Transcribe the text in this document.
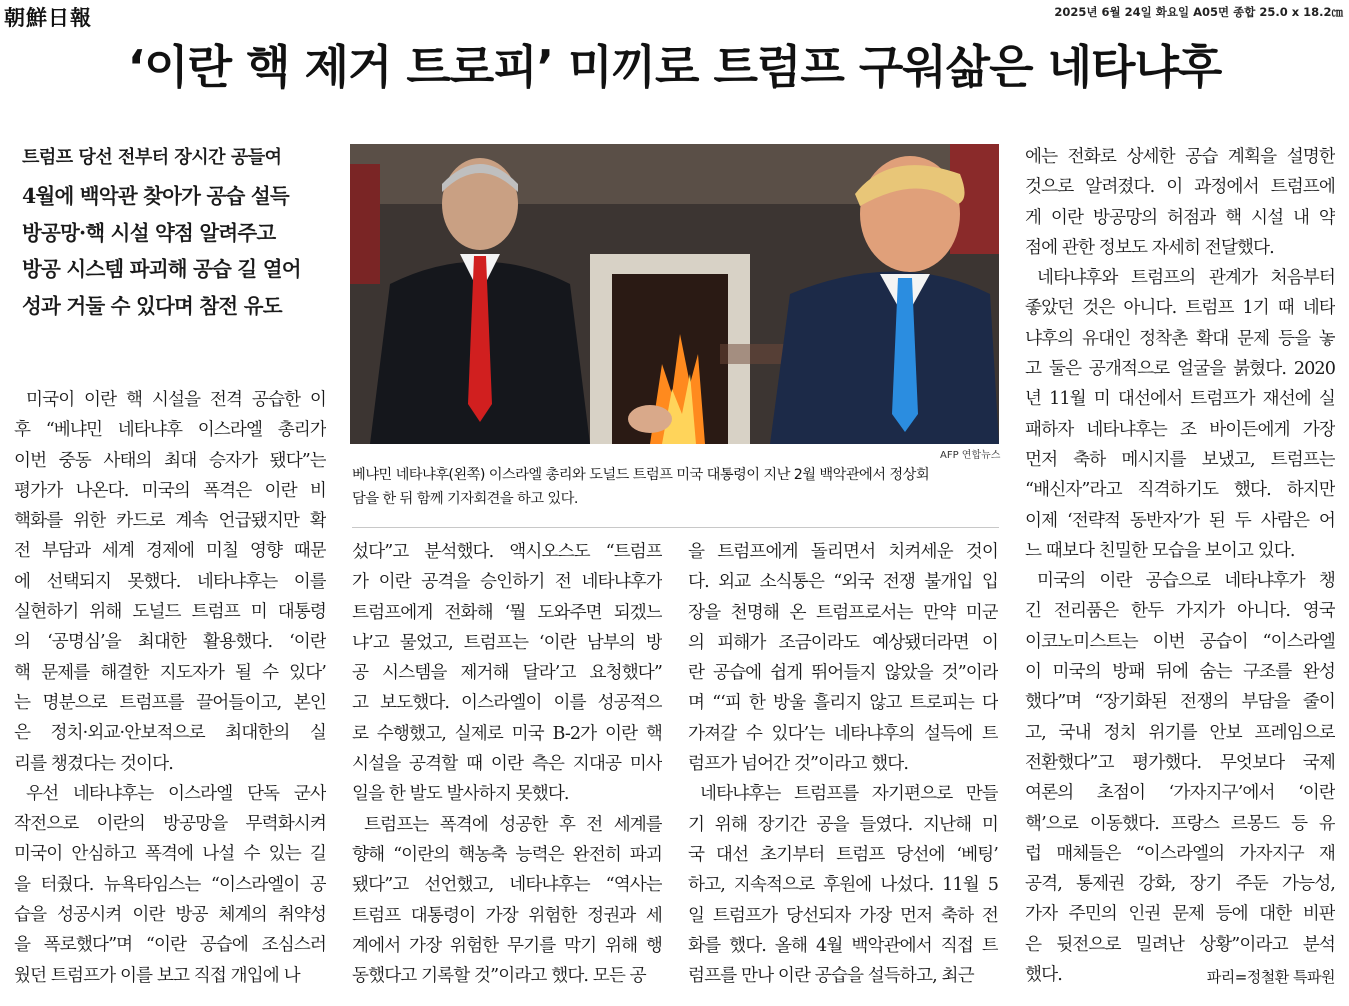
朝鮮日報	2025년 6월 24일 화요일 A05면 종합 25.0 x 18.2㎝
‘이란 핵 제거 트로피’ 미끼로 트럼프 구워삶은 네타냐후
트럼프 당선 전부터 장시간 공들여
4월에 백악관 찾아가 공습 설득
방공망·핵 시설 약점 알려주고
방공 시스템 파괴해 공습 길 열어
성과 거둘 수 있다며 참전 유도
AFP 연합뉴스
베냐민 네타냐후(왼쪽) 이스라엘 총리와 도널드 트럼프 미국 대통령이 지난 2월 백악관에서 정상회
담을 한 뒤 함께 기자회견을 하고 있다.
미국이 이란 핵 시설을 전격 공습한 이
후 “베냐민 네타냐후 이스라엘 총리가
이번 중동 사태의 최대 승자가 됐다”는
평가가 나온다. 미국의 폭격은 이란 비
핵화를 위한 카드로 계속 언급됐지만 확
전 부담과 세계 경제에 미칠 영향 때문
에 선택되지 못했다. 네타냐후는 이를
실현하기 위해 도널드 트럼프 미 대통령
의 ‘공명심’을 최대한 활용했다. ‘이란
핵 문제를 해결한 지도자가 될 수 있다’
는 명분으로 트럼프를 끌어들이고, 본인
은 정치·외교·안보적으로 최대한의 실
리를 챙겼다는 것이다.
우선 네타냐후는 이스라엘 단독 군사
작전으로 이란의 방공망을 무력화시켜
미국이 안심하고 폭격에 나설 수 있는 길
을 터줬다. 뉴욕타임스는 “이스라엘이 공
습을 성공시켜 이란 방공 체계의 취약성
을 폭로했다”며 “이란 공습에 조심스러
웠던 트럼프가 이를 보고 직접 개입에 나
섰다”고 분석했다. 액시오스도 “트럼프
가 이란 공격을 승인하기 전 네타냐후가
트럼프에게 전화해 ‘뭘 도와주면 되겠느
냐’고 물었고, 트럼프는 ‘이란 남부의 방
공 시스템을 제거해 달라’고 요청했다”
고 보도했다. 이스라엘이 이를 성공적으
로 수행했고, 실제로 미국 B-2가 이란 핵
시설을 공격할 때 이란 측은 지대공 미사
일을 한 발도 발사하지 못했다.
트럼프는 폭격에 성공한 후 전 세계를
향해 “이란의 핵농축 능력은 완전히 파괴
됐다”고 선언했고, 네타냐후는 “역사는
트럼프 대통령이 가장 위험한 정권과 세
계에서 가장 위험한 무기를 막기 위해 행
동했다고 기록할 것”이라고 했다. 모든 공
을 트럼프에게 돌리면서 치켜세운 것이
다. 외교 소식통은 “외국 전쟁 불개입 입
장을 천명해 온 트럼프로서는 만약 미군
의 피해가 조금이라도 예상됐더라면 이
란 공습에 쉽게 뛰어들지 않았을 것”이라
며 “‘피 한 방울 흘리지 않고 트로피는 다
가져갈 수 있다’는 네타냐후의 설득에 트
럼프가 넘어간 것”이라고 했다.
네타냐후는 트럼프를 자기편으로 만들
기 위해 장기간 공을 들였다. 지난해 미
국 대선 초기부터 트럼프 당선에 ‘베팅’
하고, 지속적으로 후원에 나섰다. 11월 5
일 트럼프가 당선되자 가장 먼저 축하 전
화를 했다. 올해 4월 백악관에서 직접 트
럼프를 만나 이란 공습을 설득하고, 최근
에는 전화로 상세한 공습 계획을 설명한
것으로 알려졌다. 이 과정에서 트럼프에
게 이란 방공망의 허점과 핵 시설 내 약
점에 관한 정보도 자세히 전달했다.
네타냐후와 트럼프의 관계가 처음부터
좋았던 것은 아니다. 트럼프 1기 때 네타
냐후의 유대인 정착촌 확대 문제 등을 놓
고 둘은 공개적으로 얼굴을 붉혔다. 2020
년 11월 미 대선에서 트럼프가 재선에 실
패하자 네타냐후는 조 바이든에게 가장
먼저 축하 메시지를 보냈고, 트럼프는
“배신자”라고 직격하기도 했다. 하지만
이제 ‘전략적 동반자’가 된 두 사람은 어
느 때보다 친밀한 모습을 보이고 있다.
미국의 이란 공습으로 네타냐후가 챙
긴 전리품은 한두 가지가 아니다. 영국
이코노미스트는 이번 공습이 “이스라엘
이 미국의 방패 뒤에 숨는 구조를 완성
했다”며 “장기화된 전쟁의 부담을 줄이
고, 국내 정치 위기를 안보 프레임으로
전환했다”고 평가했다. 무엇보다 국제
여론의 초점이 ‘가자지구’에서 ‘이란
핵’으로 이동했다. 프랑스 르몽드 등 유
럽 매체들은 “이스라엘의 가자지구 재
공격, 통제권 강화, 장기 주둔 가능성,
가자 주민의 인권 문제 등에 대한 비판
은 뒷전으로 밀려난 상황”이라고 분석
했다.	파리=정철환 특파원
